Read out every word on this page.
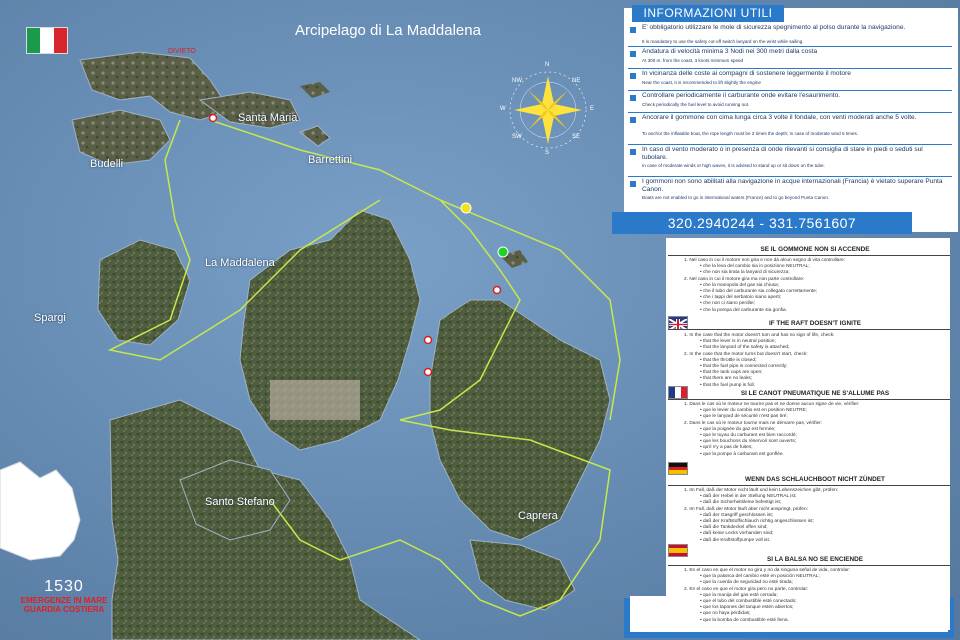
Arcipelago di La Maddalena
DIVIETO
Santa Maria
Budelli	Barrettini
La Maddalena
Spargi
Santo Stefano
Caprera
N
S
E
W
NE
NW
SE
SW
1530
EMERGENZE IN MARE
GUARDIA COSTIERA
INFORMAZIONI UTILI
E' obbligatorio utilizzare le mole di sicurezza spegnimento al polso durante la navigazione.
It is mandatory to use the safety cut-off switch lanyard on the wrist while sailing.
Andatura di velocità minima 3 Nodi nei 300 metri dalla costa
At 300 m. from the coast, 3 knots minimum speed
In vicinanza delle coste ai compagni di sostenere leggermente il motore
Near the coast, it is recommended to lift slightly the engine
Controllare periodicamente il carburante onde evitare l'esaurimento.
Check periodically the fuel level to avoid running out.
Ancorare il gommone con cima lunga circa 3 volte il fondale, con venti moderati anche 5 volte.
To anchor the inflatable boat, the rope length must be 3 times the depth; in case of moderate wind 5 times.
In caso di vento moderato o in presenza di onde rilevanti si consiglia di stare in piedi o seduti sul tubolare.
In case of moderate winds or high waves, it is advised to stand up or sit down on the tube.
I gommoni non sono abilitati alla navigazione in acque internazionali (Francia) è vietato superare Punta Canon.
Boats are not enabled to go in international waters (France) and to go beyond Punta Canon.
320.2940244 - 331.7561607
SE IL GOMMONE NON SI ACCENDE
1. Nel caso in cui il motore non gira e non dà alcun segno di vita controllare:
• che la leva del cambio sia in posizione NEUTRAL;
• che non sia tirata la lanyard di sicurezza;
2. Nel caso in cui il motore gira ma non parte controllare:
• che la manopola del gas sia chiusa;
• che il tubo del carburante sia collegato correttamente;
• che i tappi del serbatoio siano aperti;
• che non ci siano perdite;
• che la pompa del carburante sia gonfia.
IF THE RAFT DOESN'T IGNITE
1. In the case that the motor doesn't turn and has no sign of life, check:
• that the lever is in neutral position;
• that the lanyard of the safety is attached;
2. In the case that the motor turns but doesn't start, check:
• that the throttle is closed;
• that the fuel pipe is connected correctly;
• that the tank caps are open;
• that there are no leaks;
• that the fuel pump is full.
SI LE CANOT PNEUMATIQUE NE S'ALLUME PAS
1. Dans le cas où le moteur ne tourne pas et ne donne aucun signe de vie, vérifier:
• que le levier du cambio est en position NEUTRE;
• que le lanyard de sécurité n'est pas tiré;
2. Dans le cas où le moteur tourne mais ne démarre pas, vérifier:
• que la poignée du gaz est fermée;
• que le tuyau du carburant est bien raccordé;
• que les bouchons du réservoir sont ouverts;
• qu'il n'y a pas de fuites;
• que la pompe à carburant est gonflée.
WENN DAS SCHLAUCHBOOT NICHT ZÜNDET
1. Im Fall, daß der Motor nicht läuft und kein Lebenszeichen gibt, prüfen:
• daß der Hebel in der Stellung NEUTRAL ist;
• daß die Sicherheitsleine befestigt ist;
2. Im Fall, daß der Motor läuft aber nicht anspringt, prüfen:
• daß der Gasgriff geschlossen ist;
• daß der Kraftstoffschlauch richtig angeschlossen ist;
• daß die Tankdeckel offen sind;
• daß keine Lecks vorhanden sind;
• daß die Kraftstoffpumpe voll ist.
SI LA BALSA NO SE ENCIENDE
1. En el caso en que el motor no gira y no da ninguna señal de vida, controlar:
• que la palanca del cambio esté en posición NEUTRAL;
• que la cuerda de seguridad no esté tirada;
2. En el caso en que el motor gira pero no parte, controlar:
• que la manija del gas esté cerrada;
• que el tubo del combustible esté conectado;
• que los tapones del tanque estén abiertos;
• que no haya pérdidas;
• que la bomba de combustible esté llena.
